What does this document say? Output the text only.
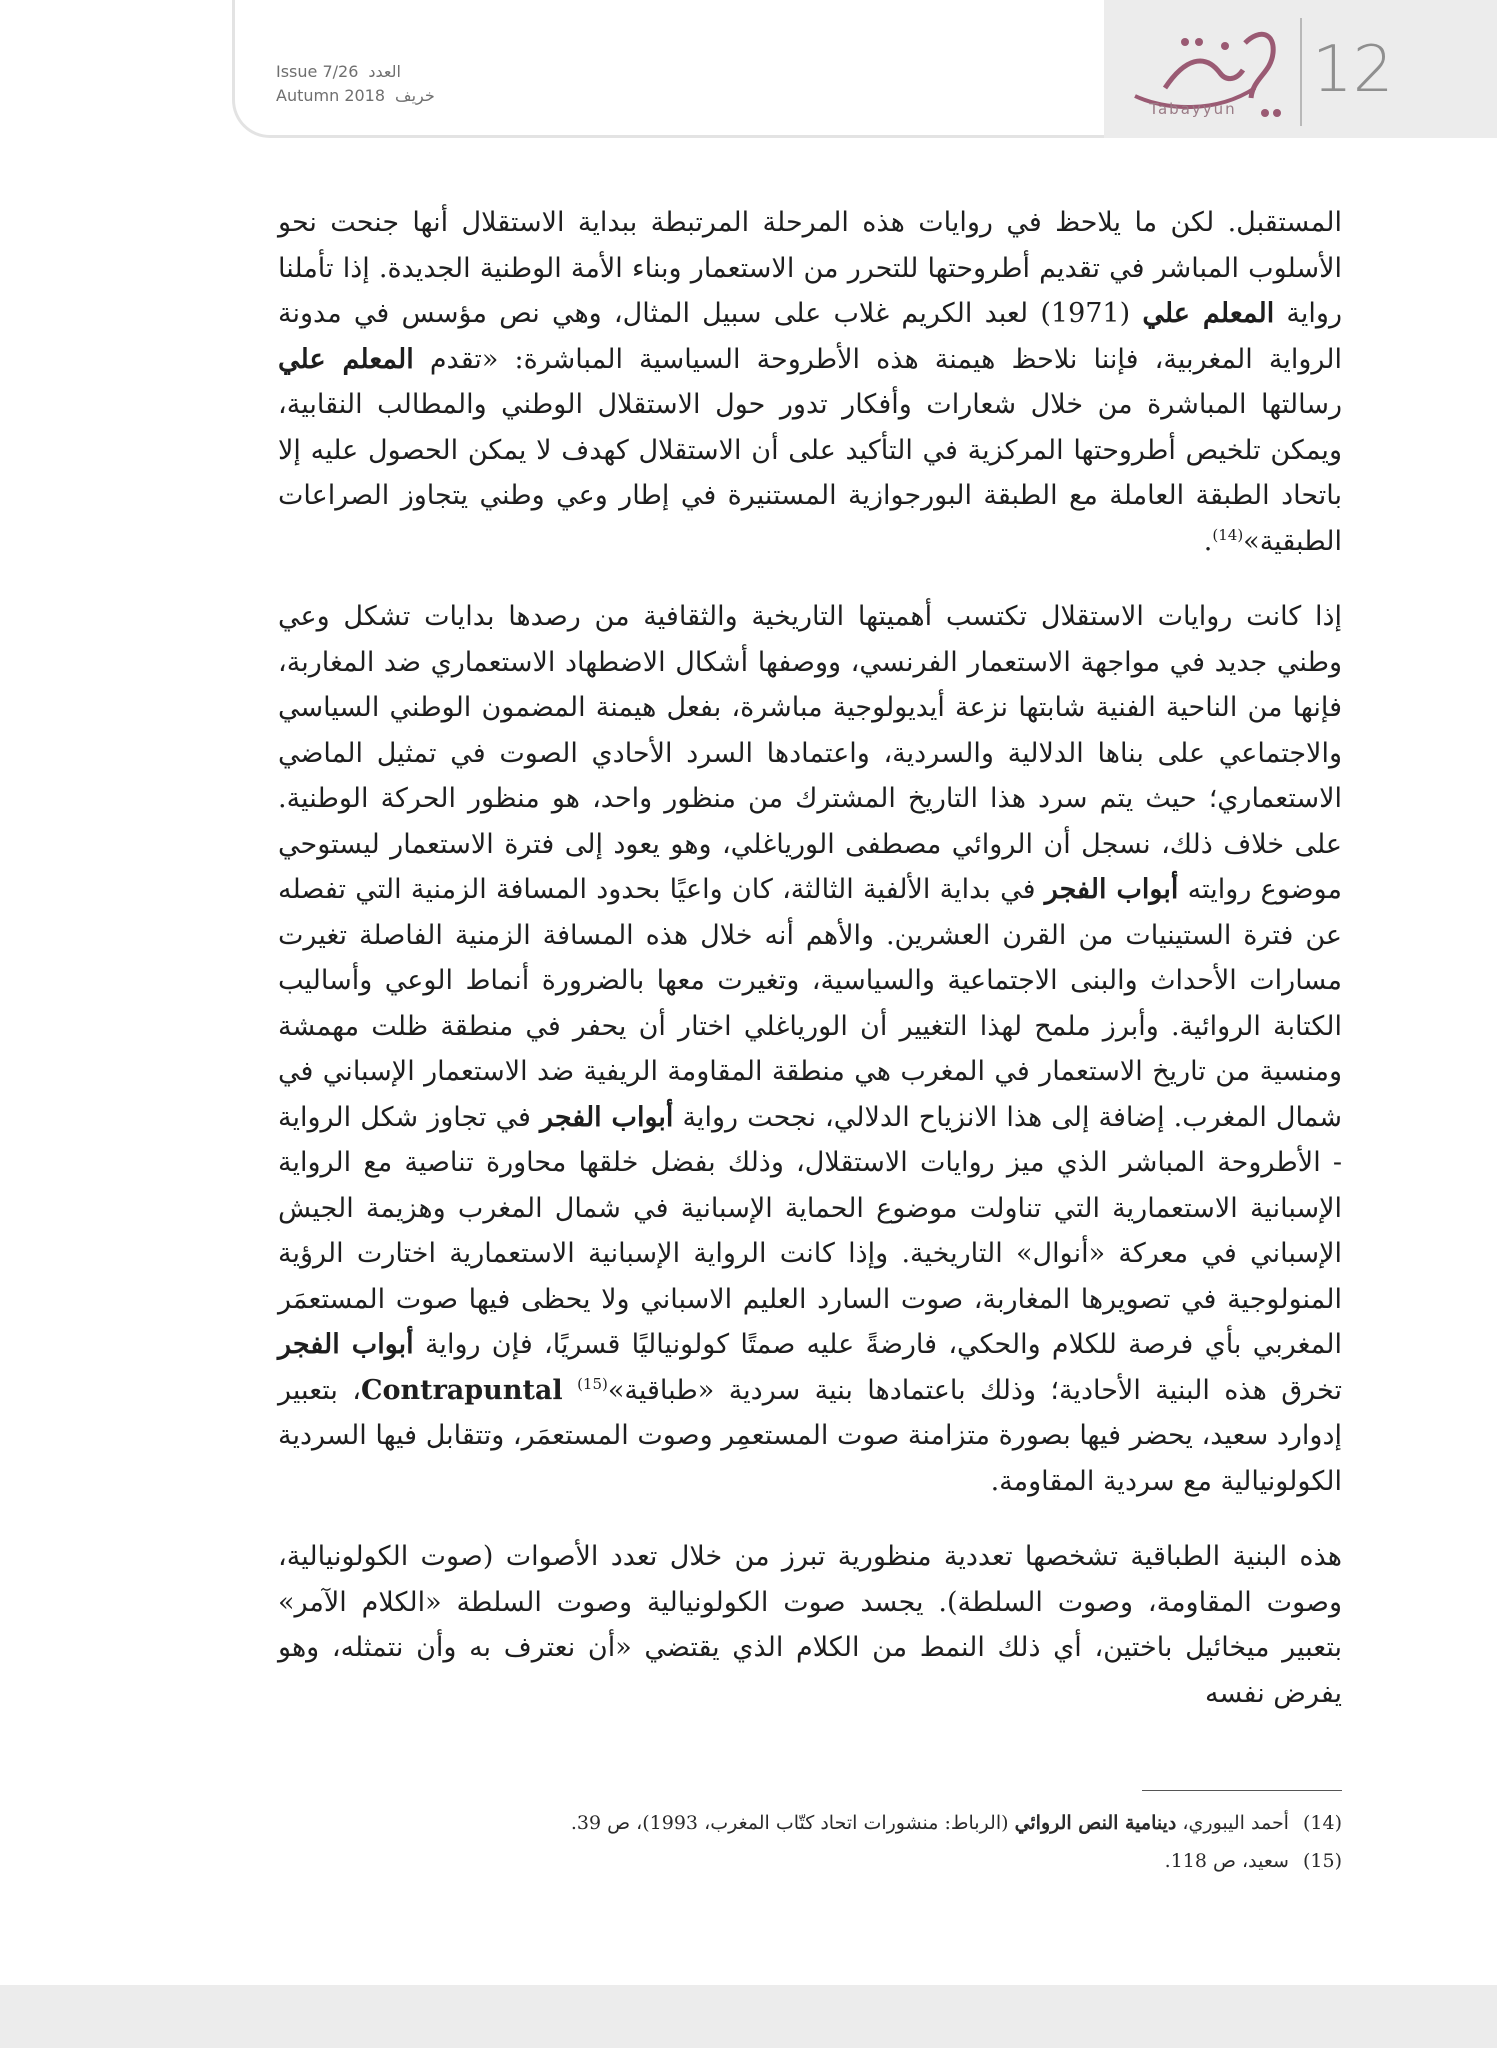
Issue 7/26 العدد
Autumn 2018 خريف
Tabayyun
12

المستقبل. لكن ما يلاحظ في روايات هذه المرحلة المرتبطة ببداية الاستقلال أنها جنحت نحو الأسلوب المباشر في تقديم أطروحتها للتحرر من الاستعمار وبناء الأمة الوطنية الجديدة. إذا تأملنا رواية المعلم علي (1971) لعبد الكريم غلاب على سبيل المثال، وهي نص مؤسس في مدونة الرواية المغربية، فإننا نلاحظ هيمنة هذه الأطروحة السياسية المباشرة: «تقدم المعلم علي رسالتها المباشرة من خلال شعارات وأفكار تدور حول الاستقلال الوطني والمطالب النقابية، ويمكن تلخيص أطروحتها المركزية في التأكيد على أن الاستقلال كهدف لا يمكن الحصول عليه إلا باتحاد الطبقة العاملة مع الطبقة البورجوازية المستنيرة في إطار وعي وطني يتجاوز الصراعات الطبقية»$^{(14)}$.

إذا كانت روايات الاستقلال تكتسب أهميتها التاريخية والثقافية من رصدها بدايات تشكل وعي وطني جديد في مواجهة الاستعمار الفرنسي، ووصفها أشكال الاضطهاد الاستعماري ضد المغاربة، فإنها من الناحية الفنية شابتها نزعة أيديولوجية مباشرة، بفعل هيمنة المضمون الوطني السياسي والاجتماعي على بناها الدلالية والسردية، واعتمادها السرد الأحادي الصوت في تمثيل الماضي الاستعماري؛ حيث يتم سرد هذا التاريخ المشترك من منظور واحد، هو منظور الحركة الوطنية. على خلاف ذلك، نسجل أن الروائي مصطفى الورياغلي، وهو يعود إلى فترة الاستعمار ليستوحي موضوع روايته أبواب الفجر في بداية الألفية الثالثة، كان واعيًا بحدود المسافة الزمنية التي تفصله عن فترة الستينيات من القرن العشرين. والأهم أنه خلال هذه المسافة الزمنية الفاصلة تغيرت مسارات الأحداث والبنى الاجتماعية والسياسية، وتغيرت معها بالضرورة أنماط الوعي وأساليب الكتابة الروائية. وأبرز ملمح لهذا التغيير أن الورياغلي اختار أن يحفر في منطقة ظلت مهمشة ومنسية من تاريخ الاستعمار في المغرب هي منطقة المقاومة الريفية ضد الاستعمار الإسباني في شمال المغرب. إضافة إلى هذا الانزياح الدلالي، نجحت رواية أبواب الفجر في تجاوز شكل الرواية - الأطروحة المباشر الذي ميز روايات الاستقلال، وذلك بفضل خلقها محاورة تناصية مع الرواية الإسبانية الاستعمارية التي تناولت موضوع الحماية الإسبانية في شمال المغرب وهزيمة الجيش الإسباني في معركة «أنوال» التاريخية. وإذا كانت الرواية الإسبانية الاستعمارية اختارت الرؤية المنولوجية في تصويرها المغاربة، صوت السارد العليم الاسباني ولا يحظى فيها صوت المستعمَر المغربي بأي فرصة للكلام والحكي، فارضةً عليه صمتًا كولونياليًا قسريًا، فإن رواية أبواب الفجر تخرق هذه البنية الأحادية؛ وذلك باعتمادها بنية سردية «طباقية»$^{(15)}$ Contrapuntal، بتعبير إدوارد سعيد، يحضر فيها بصورة متزامنة صوت المستعمِر وصوت المستعمَر، وتتقابل فيها السردية الكولونيالية مع سردية المقاومة.

هذه البنية الطباقية تشخصها تعددية منظورية تبرز من خلال تعدد الأصوات (صوت الكولونيالية، وصوت المقاومة، وصوت السلطة). يجسد صوت الكولونيالية وصوت السلطة «الكلام الآمر» بتعبير ميخائيل باختين، أي ذلك النمط من الكلام الذي يقتضي «أن نعترف به وأن نتمثله، وهو يفرض نفسه

(14)
أحمد اليبوري، دينامية النص الروائي (الرباط: منشورات اتحاد كتّاب المغرب، 1993)، ص 39.
(15)
سعيد، ص 118.
